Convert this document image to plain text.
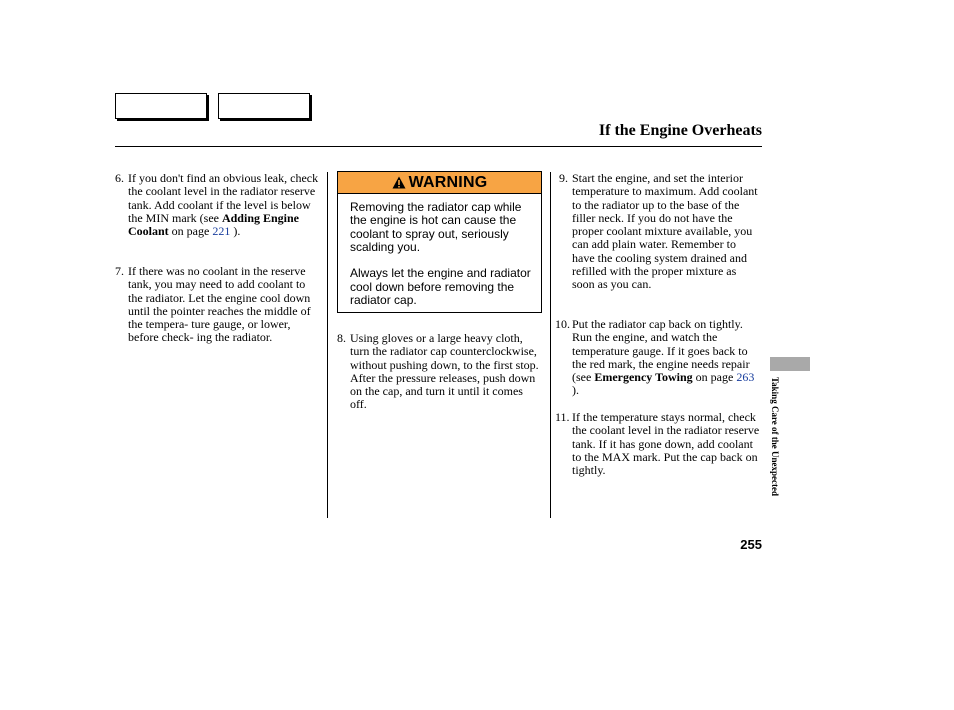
If the Engine Overheats
6. If you don't find an obvious leak, check the coolant level in the radiator reserve tank. Add coolant if the level is below the MIN mark (see Adding Engine Coolant on page 221 ).
7. If there was no coolant in the reserve tank, you may need to add coolant to the radiator. Let the engine cool down until the pointer reaches the middle of the tempera- ture gauge, or lower, before check- ing the radiator.
WARNING

Removing the radiator cap while the engine is hot can cause the coolant to spray out, seriously scalding you.

Always let the engine and radiator cool down before removing the radiator cap.

8. Using gloves or a large heavy cloth, turn the radiator cap counterclockwise, without pushing down, to the first stop. After the pressure releases, push down on the cap, and turn it until it comes off.
9. Start the engine, and set the interior temperature to maximum. Add coolant to the radiator up to the base of the filler neck. If you do not have the proper coolant mixture available, you can add plain water. Remember to have the cooling system drained and refilled with the proper mixture as soon as you can.
10. Put the radiator cap back on tightly. Run the engine, and watch the temperature gauge. If it goes back to the red mark, the engine needs repair (see Emergency Towing on page 263 ).
11. If the temperature stays normal, check the coolant level in the radiator reserve tank. If it has gone down, add coolant to the MAX mark. Put the cap back on tightly.	Taking Care of the Unexpected
255
